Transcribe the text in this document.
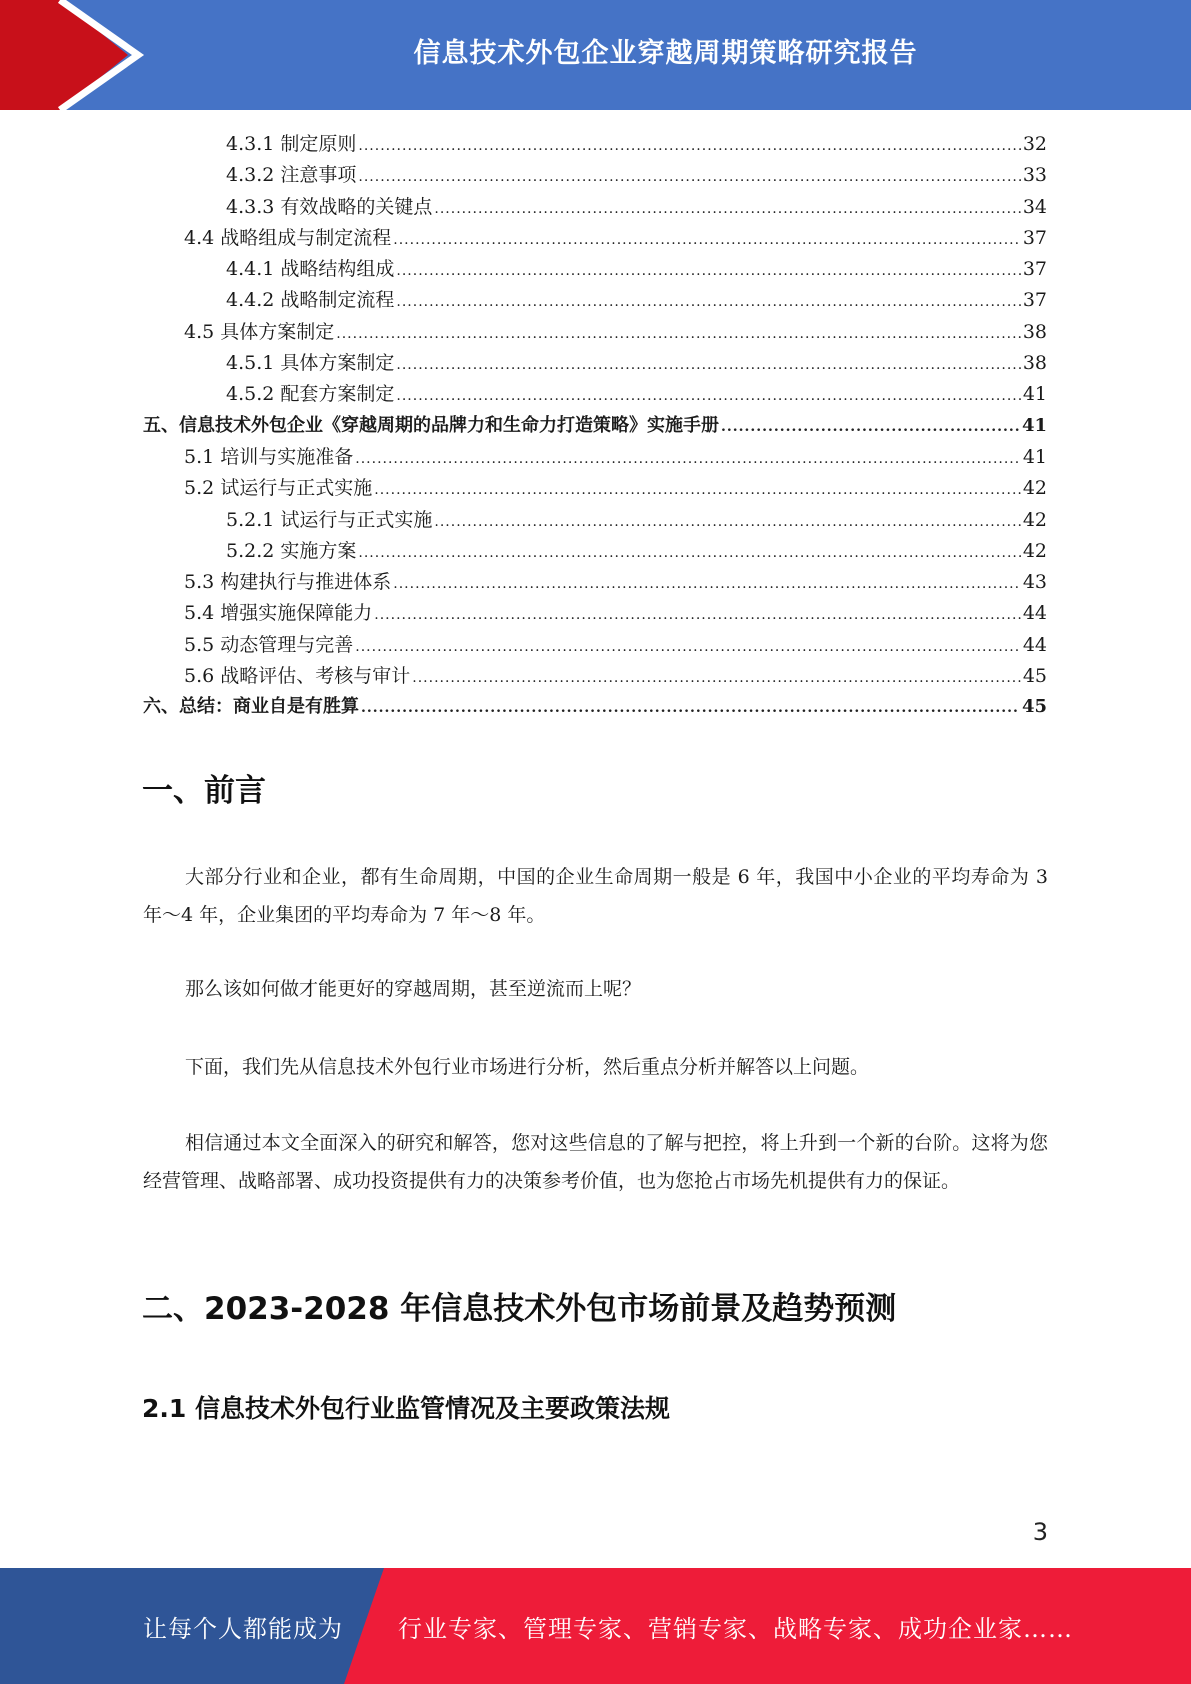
信息技术外包企业穿越周期策略研究报告
4.3.1 制定原则 .....	32
4.3.2 注意事项 .....	33
4.3.3 有效战略的关键点 .....	34
4.4 战略组成与制定流程 .....	37
4.4.1 战略结构组成 .....	37
4.4.2 战略制定流程 .....	37
4.5 具体方案制定 .....	38
4.5.1 具体方案制定 .....	38
4.5.2 配套方案制定 .....	41
五、信息技术外包企业《穿越周期的品牌力和生命力打造策略》实施手册 .....	41
5.1 培训与实施准备 .....	41
5.2 试运行与正式实施 .....	42
5.2.1 试运行与正式实施 .....	42
5.2.2 实施方案 .....	42
5.3 构建执行与推进体系 .....	43
5.4 增强实施保障能力 .....	44
5.5 动态管理与完善 .....	44
5.6 战略评估、考核与审计 .....	45
六、总结：商业自是有胜算 .....	45
一、前言

大部分行业和企业，都有生命周期，中国的企业生命周期一般是 6 年，我国中小企业的平均寿命为 3 年～4 年，企业集团的平均寿命为 7 年～8 年。

那么该如何做才能更好的穿越周期，甚至逆流而上呢？

下面，我们先从信息技术外包行业市场进行分析，然后重点分析并解答以上问题。

相信通过本文全面深入的研究和解答，您对这些信息的了解与把控，将上升到一个新的台阶。这将为您经营管理、战略部署、成功投资提供有力的决策参考价值，也为您抢占市场先机提供有力的保证。

二、2023-2028 年信息技术外包市场前景及趋势预测
2.1 信息技术外包行业监管情况及主要政策法规
3
让每个人都能成为 行业专家、管理专家、营销专家、战略专家、成功企业家……
